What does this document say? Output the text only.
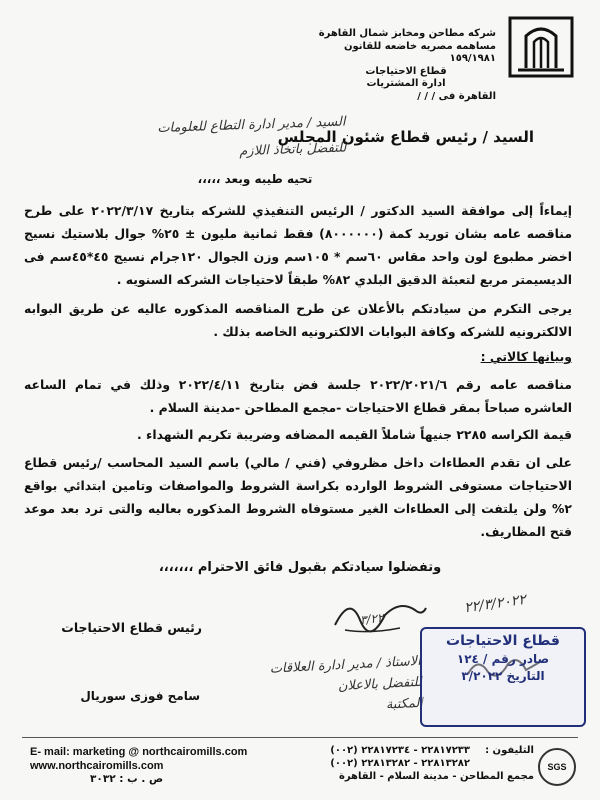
شركه مطاحن ومخابز شمال القاهرة
مساهمه مصريه خاضعه للقانون ١٥٩/١٩٨١
قطاع الاحتياجات
ادارة المشتريات
القاهرة فى / / /
السيد / مدير ادارة التطاع للعلومات
للتفضل باتخاذ اللازم
السيد / رئيس قطاع شئون المجلس
تحيه طيبه وبعد ،،،،،
إيماءاً إلى موافقة السيد الدكتور / الرئيس التنفيذي للشركه بتاريخ ٢٠٢٢/٣/١٧ على طرح مناقصه عامه بشان توريد كمة (٨٠٠٠٠٠٠) فقط ثمانية مليون ± ٢٥% جوال بلاستيك نسيج اخضر مطبوع لون واحد مقاس ٦٠سم * ١٠٥سم وزن الجوال ١٢٠جرام نسيج ٤٥*٤٥سم فى الديسيمتر مربع لتعبئة الدقيق البلدي ٨٢% طبقاً لاحتياجات الشركه السنويه .
يرجى التكرم من سيادتكم بالأعلان عن طرح المناقصه المذكوره عاليه عن طريق البوابه الالكترونيه للشركه وكافة البوابات الالكترونيه الخاصه بذلك .
وبيانها كالاتي :
مناقصه عامه رقم ٢٠٢٢/٢٠٢١/٦ جلسة فض بتاريخ ٢٠٢٢/٤/١١ وذلك في تمام الساعه العاشره صباحاً بمقر قطاع الاحتياجات -مجمع المطاحن -مدينة السلام .
قيمة الكراسه ٢٢٨٥ جنيهاً شاملاً القيمه المضافه وضريبة تكريم الشهداء .
على ان تقدم العطاءات داخل مظروفي (فني / مالي) باسم السيد المحاسب /رئيس قطاع الاحتياجات مستوفى الشروط الوارده بكراسة الشروط والمواصفات وتامين ابتدائي بواقع ٢% ولن يلتفت إلى العطاءات الغير مستوفاه الشروط المذكوره بعاليه والتى ترد بعد موعد فتح المظاريف.
وتفضلوا سيادتكم بقبول فائق الاحترام ،،،،،،،
٢٢/٣/٢٠٢٢
٣/٢٢
رئيس قطاع الاحتياجات
سامح فوزى سوريال
الاستاذ / مدير ادارة العلاقات
للتفضل بالاعلان
المكتبة
قطاع الاحتياجات
صادر رقم / ١٢٤
التاريخ ٣/٢٠٢٢
E- mail: marketing @ northcairomills.com
www.northcairomills.com
ص . ب : ٣٠٣٢
التليفون :
٢٢٨١٧٢٣٣ - ٢٢٨١٧٢٣٤ (٠٠٢)
٢٢٨١٣٢٨٢ - ٢٢٨١٣٢٨٢ (٠٠٢)
مجمع المطاحن - مدينة السلام - القاهرة
SGS
